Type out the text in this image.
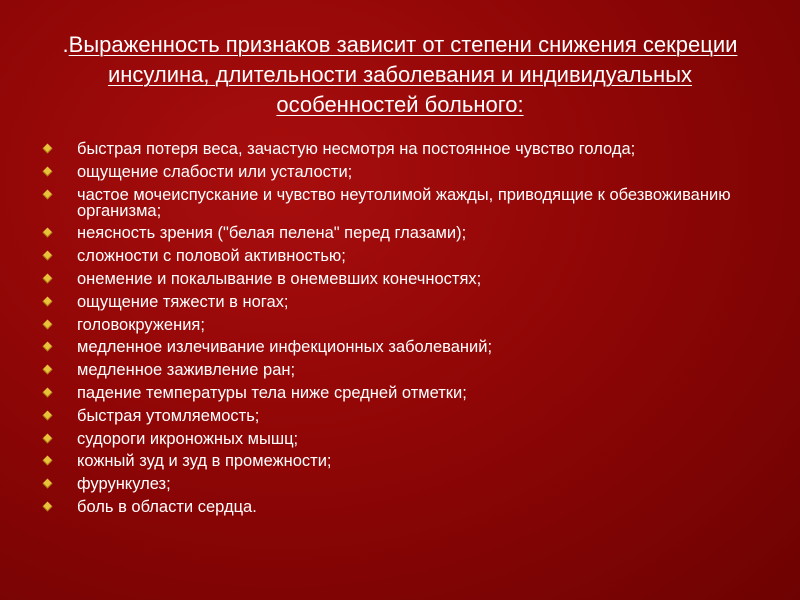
.Выраженность признаков зависит от степени снижения секреции инсулина, длительности заболевания и индивидуальных особенностей больного:
быстрая потеря веса, зачастую несмотря на постоянное чувство голода;
ощущение слабости или усталости;
частое мочеиспускание и чувство неутолимой жажды, приводящие к обезвоживанию организма;
неясность зрения ("белая пелена" перед глазами);
сложности с половой активностью;
онемение и покалывание в онемевших конечностях;
ощущение тяжести в ногах;
головокружения;
медленное излечивание инфекционных заболеваний;
медленное заживление ран;
падение температуры тела ниже средней отметки;
быстрая утомляемость;
судороги икроножных мышц;
кожный зуд и зуд в промежности;
фурункулез;
боль в области сердца.
